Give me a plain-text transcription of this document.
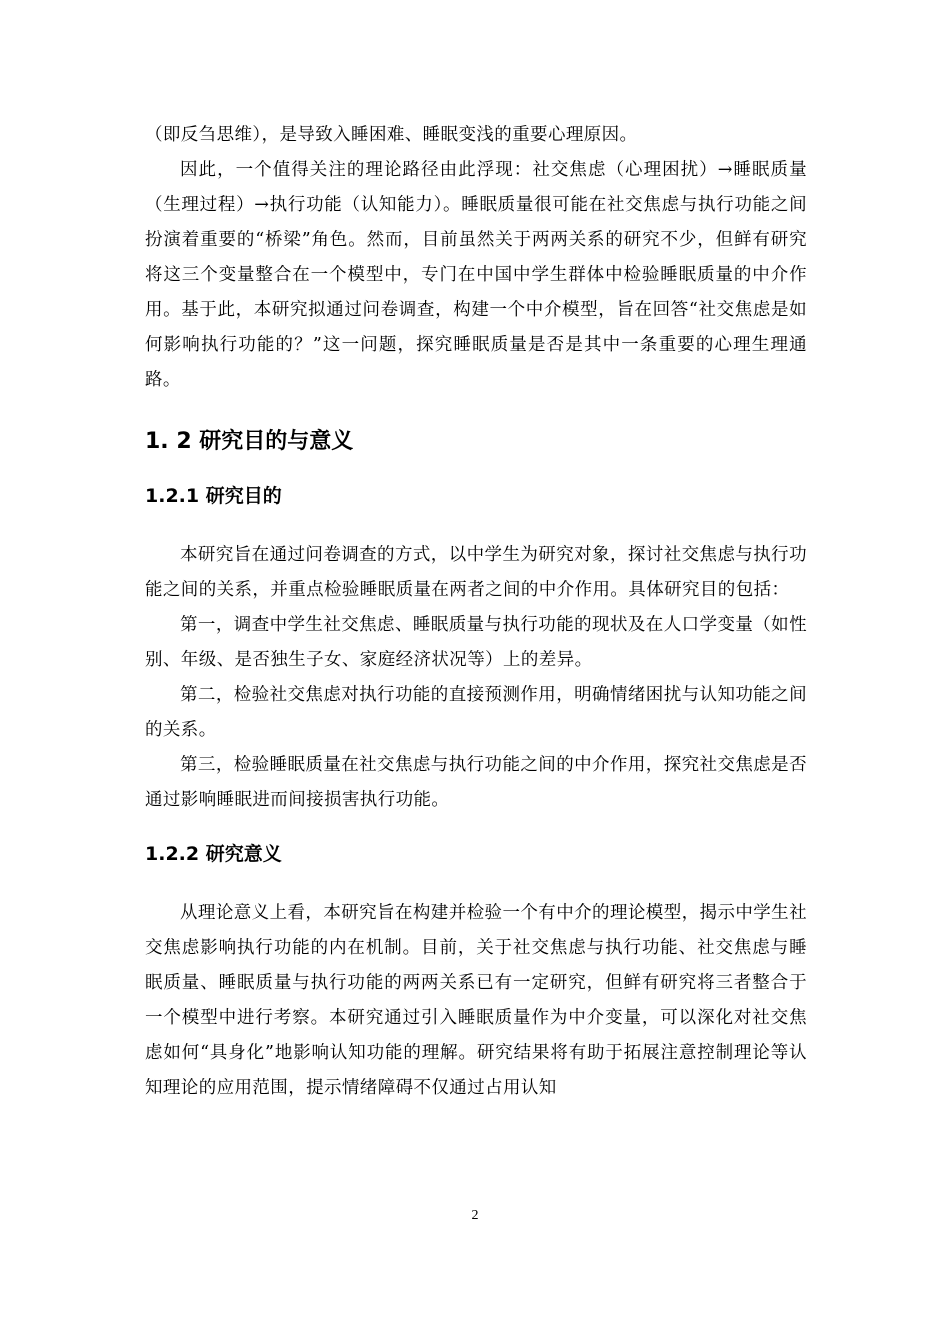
（即反刍思维），是导致入睡困难、睡眠变浅的重要心理原因。

因此，一个值得关注的理论路径由此浮现：社交焦虑（心理困扰）→睡眠质量（生理过程）→执行功能（认知能力）。睡眠质量很可能在社交焦虑与执行功能之间扮演着重要的“桥梁”角色。然而，目前虽然关于两两关系的研究不少，但鲜有研究将这三个变量整合在一个模型中，专门在中国中学生群体中检验睡眠质量的中介作用。基于此，本研究拟通过问卷调查，构建一个中介模型，旨在回答“社交焦虑是如何影响执行功能的？”这一问题，探究睡眠质量是否是其中一条重要的心理生理通路。

1. 2 研究目的与意义
1.2.1 研究目的

本研究旨在通过问卷调查的方式，以中学生为研究对象，探讨社交焦虑与执行功能之间的关系，并重点检验睡眠质量在两者之间的中介作用。具体研究目的包括：

第一，调查中学生社交焦虑、睡眠质量与执行功能的现状及在人口学变量（如性别、年级、是否独生子女、家庭经济状况等）上的差异。

第二，检验社交焦虑对执行功能的直接预测作用，明确情绪困扰与认知功能之间的关系。

第三，检验睡眠质量在社交焦虑与执行功能之间的中介作用，探究社交焦虑是否通过影响睡眠进而间接损害执行功能。

1.2.2 研究意义

从理论意义上看，本研究旨在构建并检验一个有中介的理论模型，揭示中学生社交焦虑影响执行功能的内在机制。目前，关于社交焦虑与执行功能、社交焦虑与睡眠质量、睡眠质量与执行功能的两两关系已有一定研究，但鲜有研究将三者整合于一个模型中进行考察。本研究通过引入睡眠质量作为中介变量，可以深化对社交焦虑如何“具身化”地影响认知功能的理解。研究结果将有助于拓展注意控制理论等认知理论的应用范围，提示情绪障碍不仅通过占用认知

2
